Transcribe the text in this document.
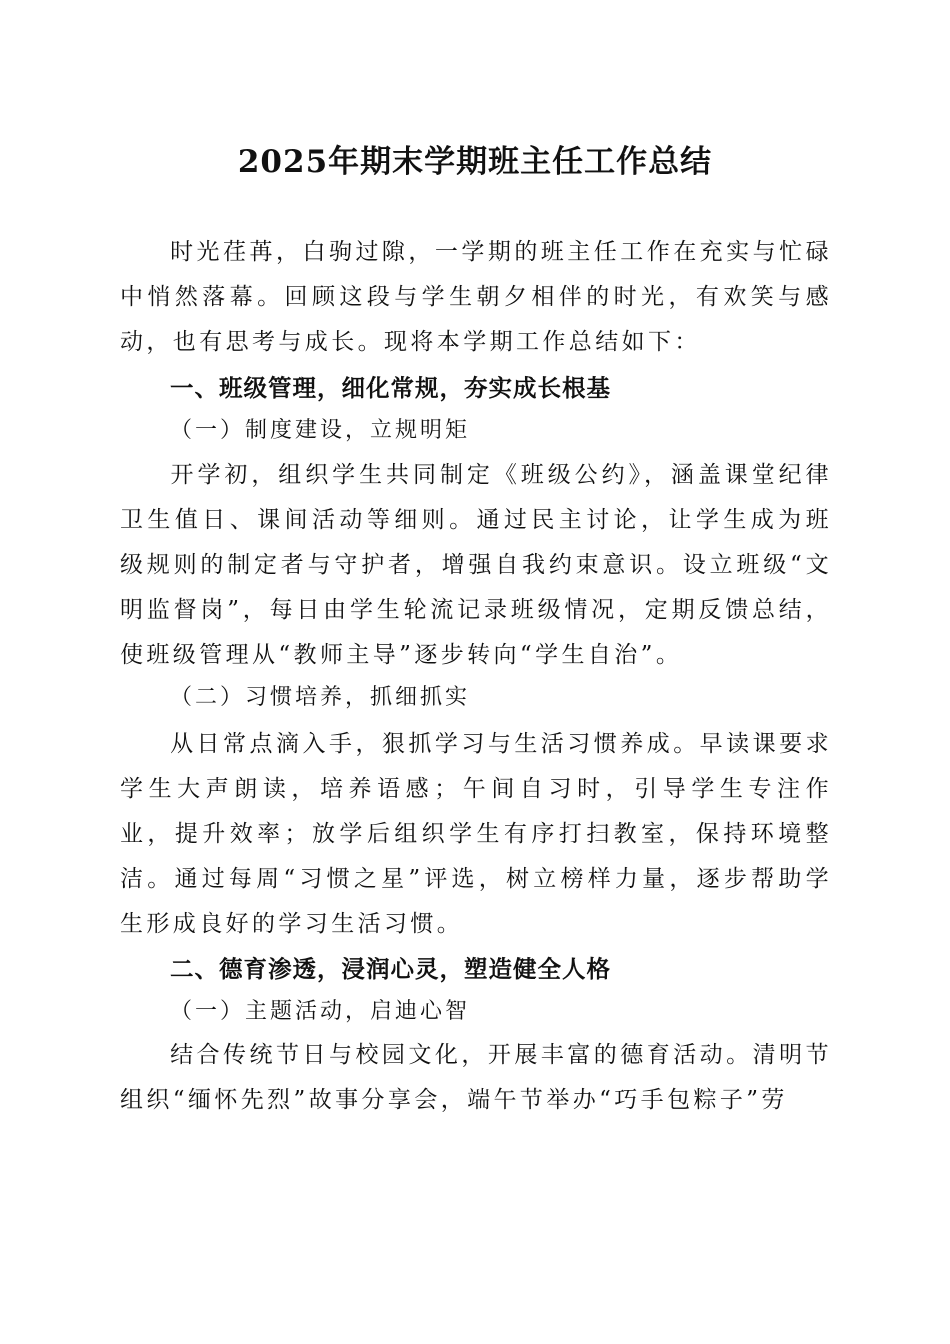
2025年期末学期班主任工作总结
时光荏苒，白驹过隙，一学期的班主任工作在充实与忙碌中悄然落幕。回顾这段与学生朝夕相伴的时光，有欢笑与感动，也有思考与成长。现将本学期工作总结如下：
一、班级管理，细化常规，夯实成长根基
（一）制度建设，立规明矩
开学初，组织学生共同制定《班级公约》，涵盖课堂纪律卫生值日、课间活动等细则。通过民主讨论，让学生成为班级规则的制定者与守护者，增强自我约束意识。设立班级“文明监督岗”，每日由学生轮流记录班级情况，定期反馈总结，使班级管理从“教师主导”逐步转向“学生自治”。
（二）习惯培养，抓细抓实
从日常点滴入手，狠抓学习与生活习惯养成。早读课要求学生大声朗读，培养语感；午间自习时，引导学生专注作业，提升效率；放学后组织学生有序打扫教室，保持环境整洁。通过每周“习惯之星”评选，树立榜样力量，逐步帮助学生形成良好的学习生活习惯。
二、德育渗透，浸润心灵，塑造健全人格
（一）主题活动，启迪心智
结合传统节日与校园文化，开展丰富的德育活动。清明节组织“缅怀先烈”故事分享会，端午节举办“巧手包粽子”劳
